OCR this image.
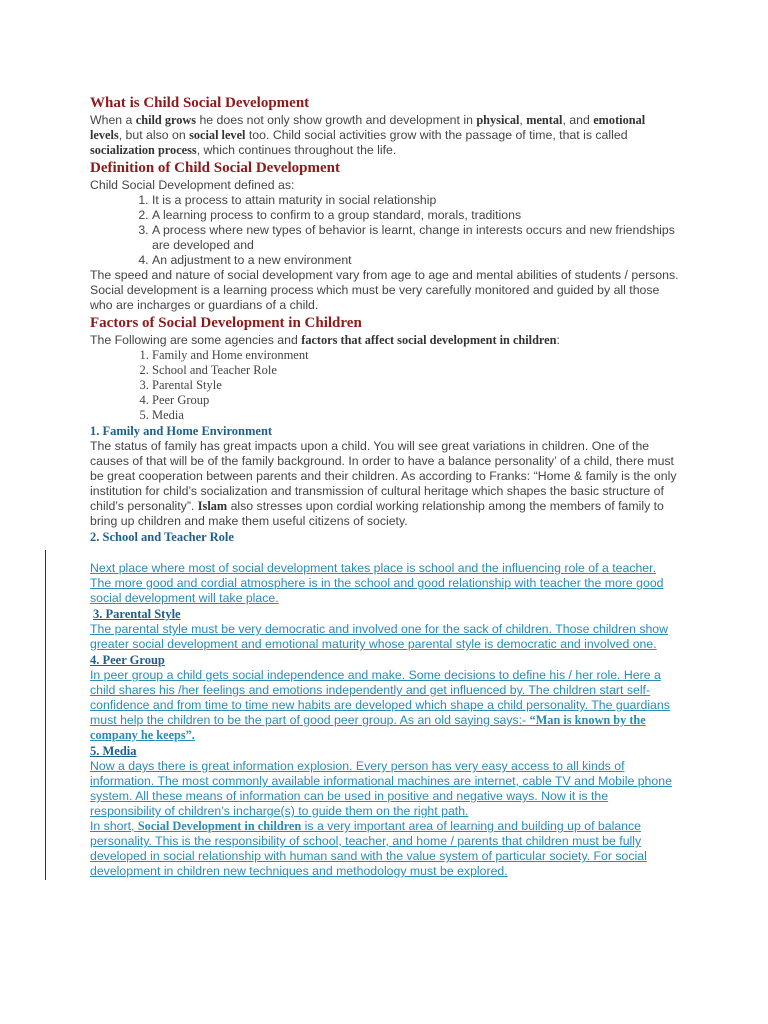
What is Child Social Development

When a child grows he does not only show growth and development in physical, mental, and emotional levels, but also on social level too. Child social activities grow with the passage of time, that is called socialization process, which continues throughout the life.

Definition of Child Social Development

Child Social Development defined as:

1. It is a process to attain maturity in social relationship
2. A learning process to confirm to a group standard, morals, traditions
3. A process where new types of behavior is learnt, change in interests occurs and new friendships are developed and
4. An adjustment to a new environment

The speed and nature of social development vary from age to age and mental abilities of students / persons. Social development is a learning process which must be very carefully monitored and guided by all those who are incharges or guardians of a child.

Factors of Social Development in Children

The Following are some agencies and factors that affect social development in children:

1. Family and Home environment
2. School and Teacher Role
3. Parental Style
4. Peer Group
5. Media
1. Family and Home Environment

The status of family has great impacts upon a child. You will see great variations in children. One of the causes of that will be of the family background. In order to have a balance personality’ of a child, there must be great cooperation between parents and their children. As according to Franks: “Home & family is the only institution for child’s socialization and transmission of cultural heritage which shapes the basic structure of child’s personality”. Islam also stresses upon cordial working relationship among the members of family to bring up children and make them useful citizens of society.

2. School and Teacher Role

Next place where most of social development takes place is school and the influencing role of a teacher. The more good and cordial atmosphere is in the school and good relationship with teacher the more good social development will take place.

3. Parental Style

The parental style must be very democratic and involved one for the sack of children. Those children show greater social development and emotional maturity whose parental style is democratic and involved one.

4. Peer Group

In peer group a child gets social independence and make. Some decisions to define his / her role. Here a child shares his /her feelings and emotions independently and get influenced by. The children start self-confidence and from time to time new habits are developed which shape a child personality. The guardians must help the children to be the part of good peer group. As an old saying says:- “Man is known by the company he keeps”.

5. Media

Now a days there is great information explosion. Every person has very easy access to all kinds of information. The most commonly available informational machines are internet, cable TV and Mobile phone system. All these means of information can be used in positive and negative ways. Now it is the responsibility of children’s incharge(s) to guide them on the right path.

In short, Social Development in children is a very important area of learning and building up of balance personality. This is the responsibility of school, teacher, and home / parents that children must be fully developed in social relationship with human sand with the value system of particular society. For social development in children new techniques and methodology must be explored.
